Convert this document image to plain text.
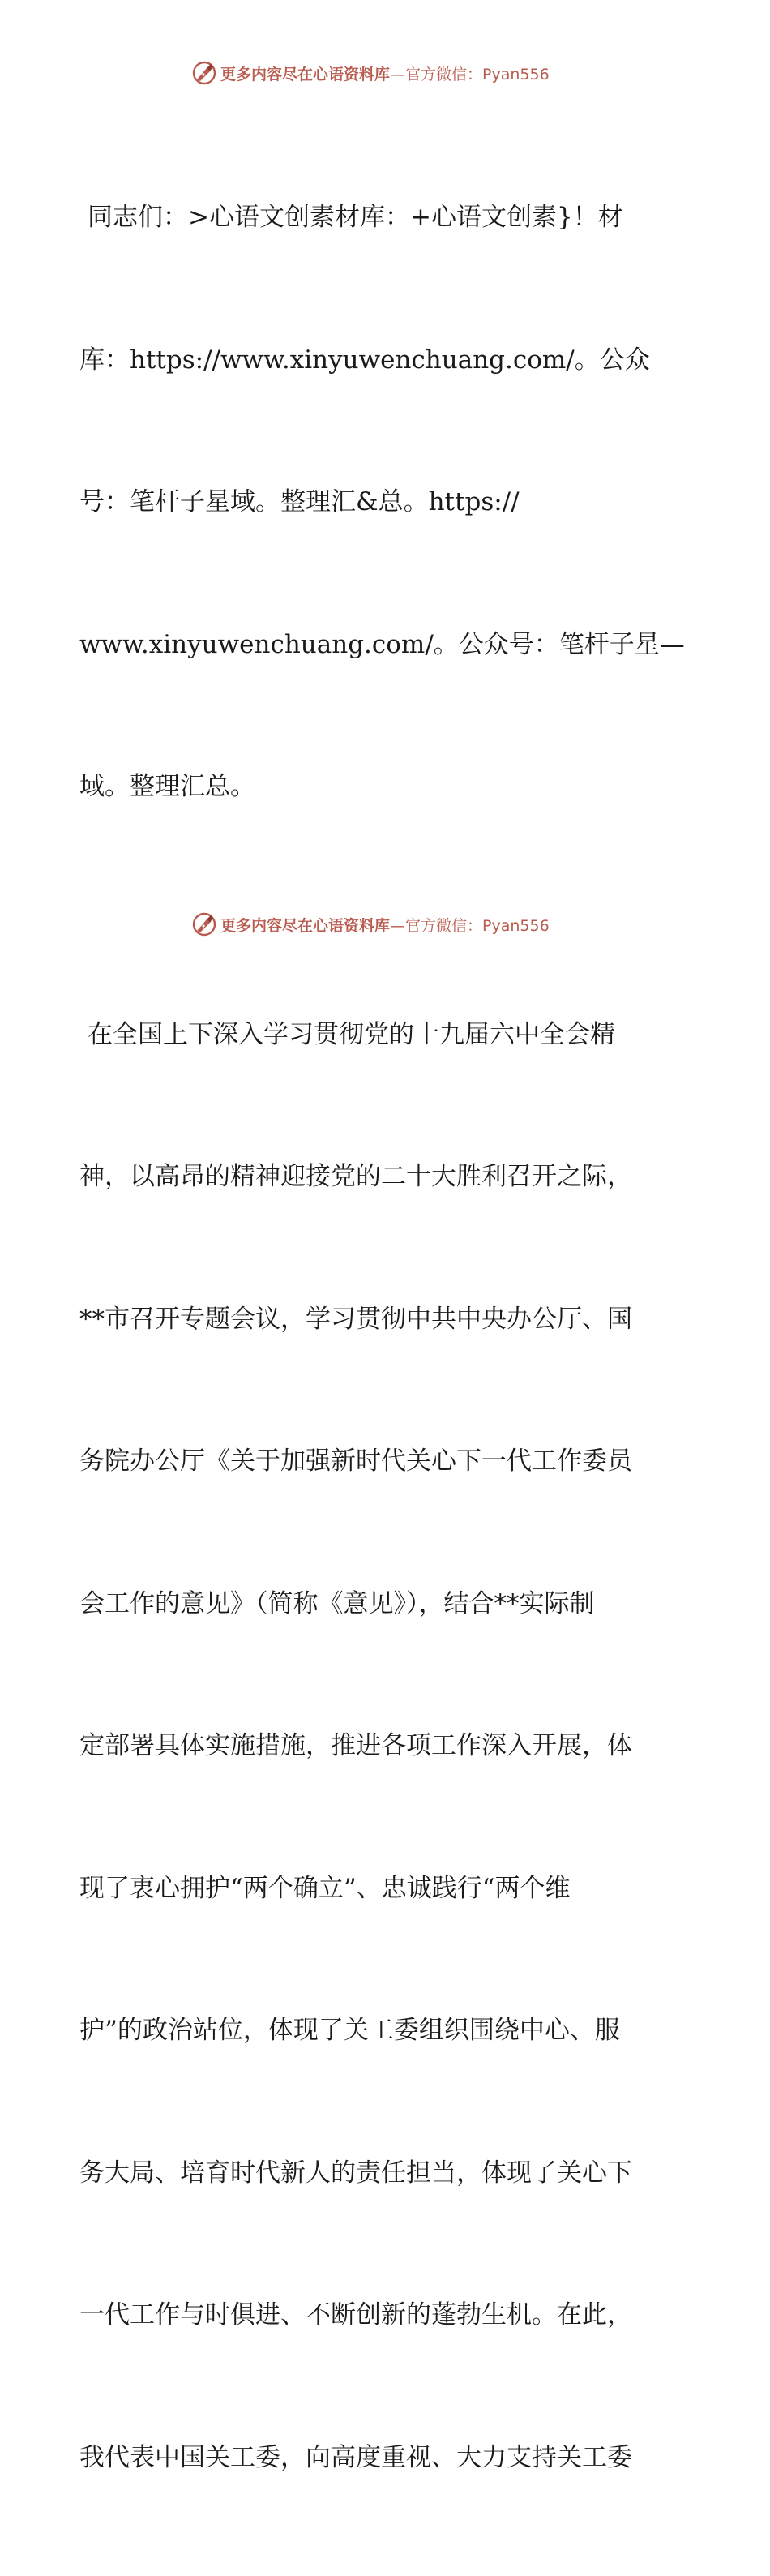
更多内容尽在心语资料库—官方微信：Pyan556

同志们：>心语文创素材库：+心语文创素}！材

库：https://www.xinyuwenchuang.com/。公众

号：笔杆子星域。整理汇&总。https://

www.xinyuwenchuang.com/。公众号：笔杆子星—

域。整理汇总。

在全国上下深入学习贯彻党的十九届六中全会精

神，以高昂的精神迎接党的二十大胜利召开之际，

**市召开专题会议，学习贯彻中共中央办公厅、国

务院办公厅《关于加强新时代关心下一代工作委员

会工作的意见》（简称《意见》），结合**实际制

定部署具体实施措施，推进各项工作深入开展，体

现了衷心拥护“两个确立”、忠诚践行“两个维

护”的政治站位，体现了关工委组织围绕中心、服

务大局、培育时代新人的责任担当，体现了关心下

一代工作与时俱进、不断创新的蓬勃生机。在此，

我代表中国关工委，向高度重视、大力支持关工委

更多内容尽在心语资料库—官方微信：Pyan556
